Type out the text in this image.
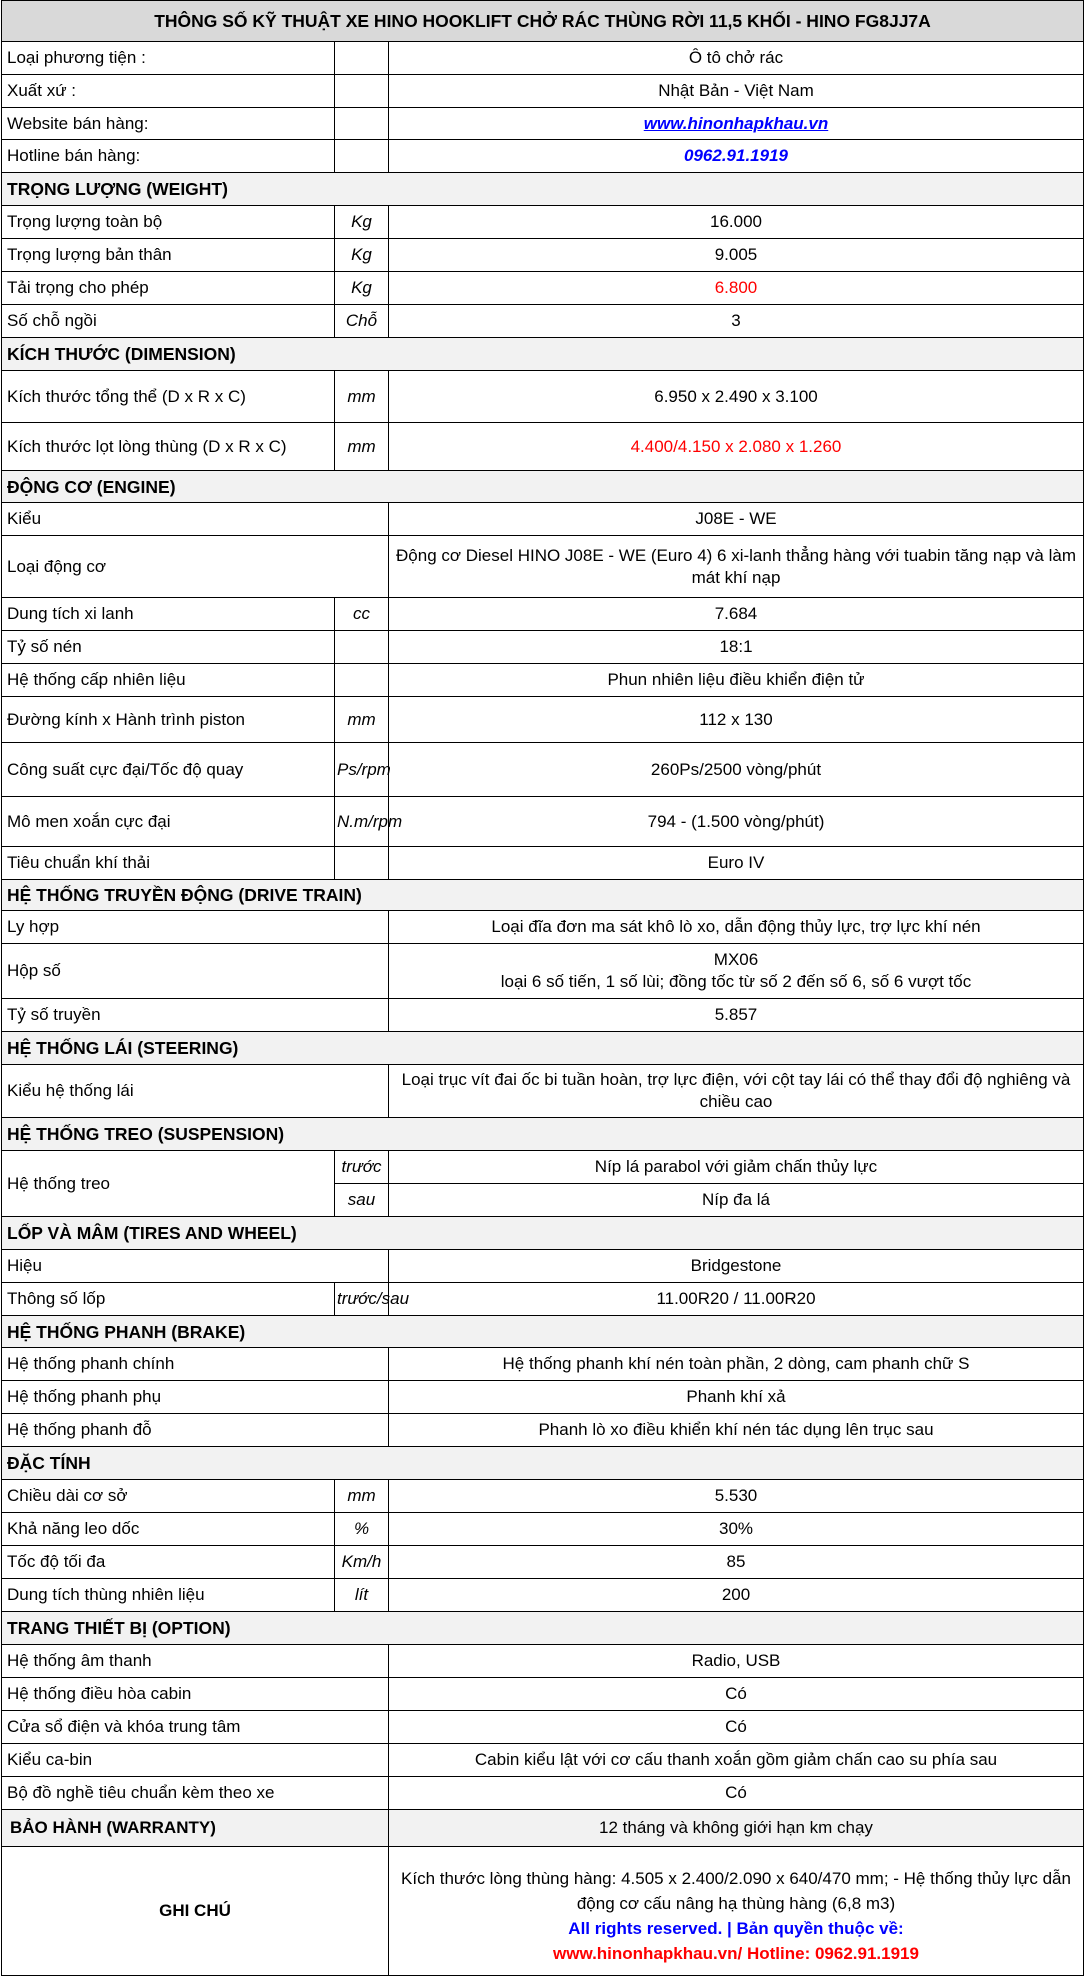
THÔNG SỐ KỸ THUẬT XE HINO HOOKLIFT CHỞ RÁC THÙNG RỜI 11,5 KHỐI - HINO FG8JJ7A		
Loại phương tiện :		Ô tô chở rác
Xuất xứ :		Nhật Bản - Việt Nam
Website bán hàng:		www.hinonhapkhau.vn
Hotline bán hàng:		0962.91.1919
TRỌNG LƯỢNG (WEIGHT)		
Trọng lượng toàn bộ	Kg	16.000
Trọng lượng bản thân	Kg	9.005
Tải trọng cho phép	Kg	6.800
Số chỗ ngồi	Chỗ	3
KÍCH THƯỚC (DIMENSION)		
Kích thước tổng thể (D x R x C)	mm	6.950 x 2.490 x 3.100
Kích thước lọt lòng thùng (D x R x C)	mm	4.400/4.150 x 2.080 x 1.260
ĐỘNG CƠ (ENGINE)		
Kiểu		J08E - WE
Loại động cơ		Động cơ Diesel HINO J08E - WE (Euro 4) 6 xi-lanh thẳng hàng với tuabin tăng nạp và làm mát khí nạp
Dung tích xi lanh	cc	7.684
Tỷ số nén		18:1
Hệ thống cấp nhiên liệu		Phun nhiên liệu điều khiển điện tử
Đường kính x Hành trình piston	mm	112 x 130
Công suất cực đại/Tốc độ quay	Ps/rpm	260Ps/2500 vòng/phút
Mô men xoắn cực đại	N.m/rpm	794 - (1.500 vòng/phút)
Tiêu chuẩn khí thải		Euro IV
HỆ THỐNG TRUYỀN ĐỘNG (DRIVE TRAIN)		
Ly hợp		Loại đĩa đơn ma sát khô lò xo, dẫn động thủy lực, trợ lực khí nén
Hộp số		MX06
loại 6 số tiến, 1 số lùi; đồng tốc từ số 2 đến số 6, số 6 vượt tốc

Tỷ số truyền		5.857
HỆ THỐNG LÁI (STEERING)		
Kiểu hệ thống lái		Loại trục vít đai ốc bi tuần hoàn, trợ lực điện, với cột tay lái có thể thay đổi độ nghiêng và chiều cao
HỆ THỐNG TREO (SUSPENSION)		
Hệ thống treo	trước	Níp lá parabol với giảm chấn thủy lực
	sau	Níp đa lá
LỐP VÀ MÂM (TIRES AND WHEEL)		
Hiệu		Bridgestone
Thông số lốp	trước/sau	11.00R20 / 11.00R20
HỆ THỐNG PHANH (BRAKE)		
Hệ thống phanh chính		Hệ thống phanh khí nén toàn phần, 2 dòng, cam phanh chữ S
Hệ thống phanh phụ		Phanh khí xả
Hệ thống phanh đỗ		Phanh lò xo điều khiển khí nén tác dụng lên trục sau
ĐẶC TÍNH		
Chiều dài cơ sở	mm	5.530
Khả năng leo dốc	%	30%
Tốc độ tối đa	Km/h	85
Dung tích thùng nhiên liệu	lít	200
TRANG THIẾT BỊ (OPTION)		
Hệ thống âm thanh		Radio, USB
Hệ thống điều hòa cabin		Có
Cửa sổ điện và khóa trung tâm		Có
Kiểu ca-bin		Cabin kiểu lật với cơ cấu thanh xoắn gồm giảm chấn cao su phía sau
Bộ đồ nghề tiêu chuẩn kèm theo xe		Có
BẢO HÀNH (WARRANTY)		12 tháng và không giới hạn km chạy
GHI CHÚ		Kích thước lòng thùng hàng: 4.505 x 2.400/2.090 x 640/470 mm; - Hệ thống thủy lực dẫn động cơ cấu nâng hạ thùng hàng (6,8 m3)
All rights reserved. | Bản quyền thuộc về:
www.hinonhapkhau.vn/ Hotline: 0962.91.1919
